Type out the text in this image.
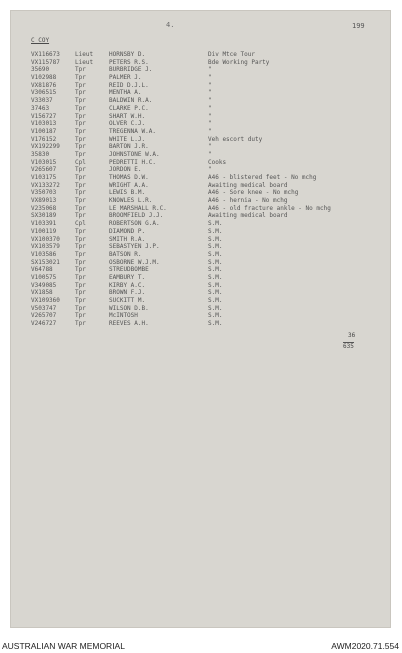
4.	199
C COY
VX116673	Lieut	HORNSBY D.	Div Mtce Tour
VX115787	Lieut	PETERS R.S.	Bde Working Party
35690	Tpr	BURBRIDGE J.	"
V102988	Tpr	PALMER J.	"
VX81876	Tpr	REID D.J.L.	"
V306515	Tpr	MENTHA A.	"
V33037	Tpr	BALDWIN R.A.	"
37463	Tpr	CLARKE P.C.	"
V156727	Tpr	SHART W.H.	"
V103013	Tpr	OLVER C.J.	"
V100187	Tpr	TREGENNA W.A.	"
V176152	Tpr	WHITE L.J.	Veh escort duty
VX192299	Tpr	BARTON J.R.	"
35830	Tpr	JOHNSTONE W.A.	"
V103015	Cpl	PEDRETTI H.C.	Cooks
V265607	Tpr	JORDON E.	"
V103175	Tpr	THOMAS D.W.	A46 - blistered feet - No mchg
VX133272	Tpr	WRIGHT A.A.	Awaiting medical board
V350703	Tpr	LEWIS B.M.	A46 - Sore knee - No mchg
VX89013	Tpr	KNOWLES L.R.	A46 - hernia - No mchg
V235068	Tpr	LE MARSHALL R.C.	A46 - old fracture ankle - No mchg
SX30189	Tpr	BROOMFIELD J.J.	Awaiting medical board
V103391	Cpl	ROBERTSON G.A.	S.M.
V100119	Tpr	DIAMOND P.	S.M.
VX100370	Tpr	SMITH R.A.	S.M.
VX103579	Tpr	SEBASTYEN J.P.	S.M.
V103586	Tpr	BATSON R.	S.M.
SX153021	Tpr	OSBORNE W.J.M.	S.M.
V64788	Tpr	STREUDBOMBE	S.M.
V100575	Tpr	EAMBURY T.	S.M.
V349085	Tpr	KIRBY A.C.	S.M.
VX1858	Tpr	BROWN F.J.	S.M.
VX109360	Tpr	SUCKITT M.	S.M.
V503747	Tpr	WILSON D.B.	S.M.
V265707	Tpr	McINTOSH	S.M.
V246727	Tpr	REEVES A.H.	S.M.
36
635
AUSTRALIAN WAR MEMORIAL	AWM2020.71.554
